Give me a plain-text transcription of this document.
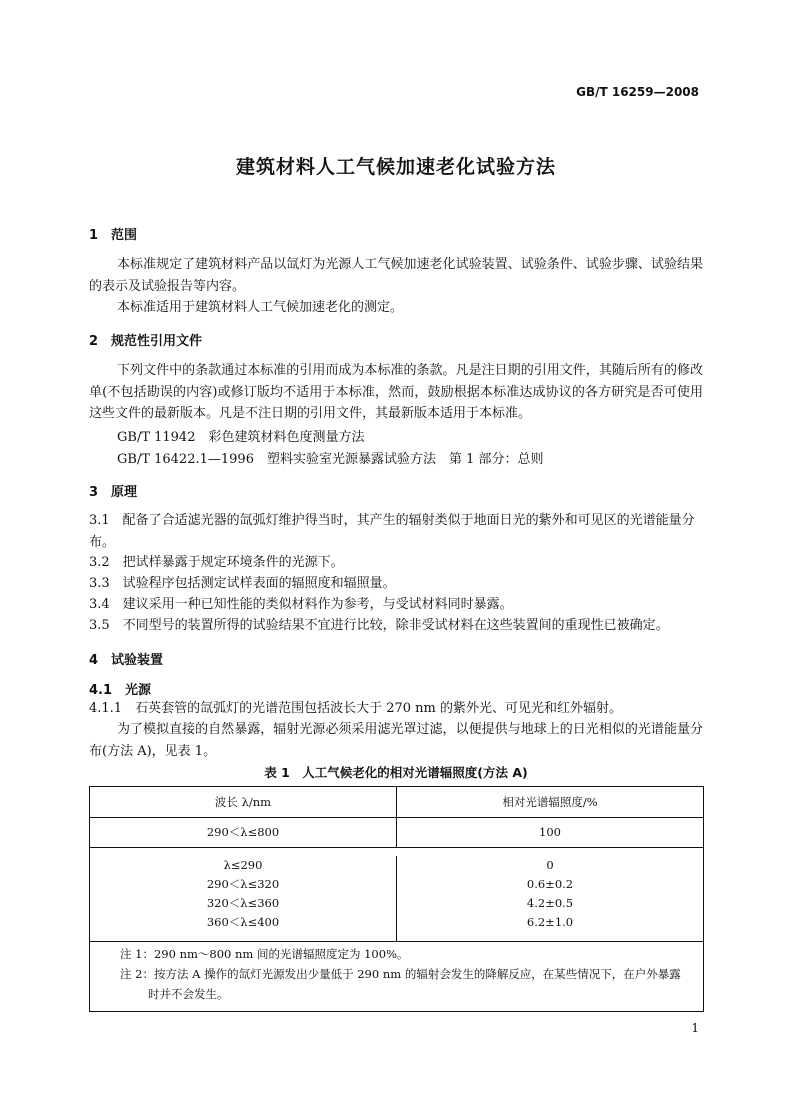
GB/T 16259—2008
建筑材料人工气候加速老化试验方法
1　范围
本标准规定了建筑材料产品以氙灯为光源人工气候加速老化试验装置、试验条件、试验步骤、试验结果的表示及试验报告等内容。
本标准适用于建筑材料人工气候加速老化的测定。
2　规范性引用文件
下列文件中的条款通过本标准的引用而成为本标准的条款。凡是注日期的引用文件，其随后所有的修改单(不包括勘误的内容)或修订版均不适用于本标准，然而，鼓励根据本标准达成协议的各方研究是否可使用这些文件的最新版本。凡是不注日期的引用文件，其最新版本适用于本标准。
GB/T 11942　彩色建筑材料色度测量方法
GB/T 16422.1—1996　塑料实验室光源暴露试验方法　第 1 部分：总则
3　原理
3.1　配备了合适滤光器的氙弧灯维护得当时，其产生的辐射类似于地面日光的紫外和可见区的光谱能量分布。
3.2　把试样暴露于规定环境条件的光源下。
3.3　试验程序包括测定试样表面的辐照度和辐照量。
3.4　建议采用一种已知性能的类似材料作为参考，与受试材料同时暴露。
3.5　不同型号的装置所得的试验结果不宜进行比较，除非受试材料在这些装置间的重现性已被确定。
4　试验装置
4.1　光源
4.1.1　石英套管的氙弧灯的光谱范围包括波长大于 270 nm 的紫外光、可见光和红外辐射。
为了模拟直接的自然暴露，辐射光源必须采用滤光罩过滤，以便提供与地球上的日光相似的光谱能量分布(方法 A)，见表 1。
表 1　人工气候老化的相对光谱辐照度(方法 A)
波长 λ/nm	相对光谱辐照度/%
290＜λ≤800	100
λ≤290
290＜λ≤320
320＜λ≤360
360＜λ≤400
0
0.6±0.2
4.2±0.5
6.2±1.0
注 1：290 nm～800 nm 间的光谱辐照度定为 100%。
注 2：按方法 A 操作的氙灯光源发出少量低于 290 nm 的辐射会发生的降解反应，在某些情况下，在户外暴露时并不会发生。
1
